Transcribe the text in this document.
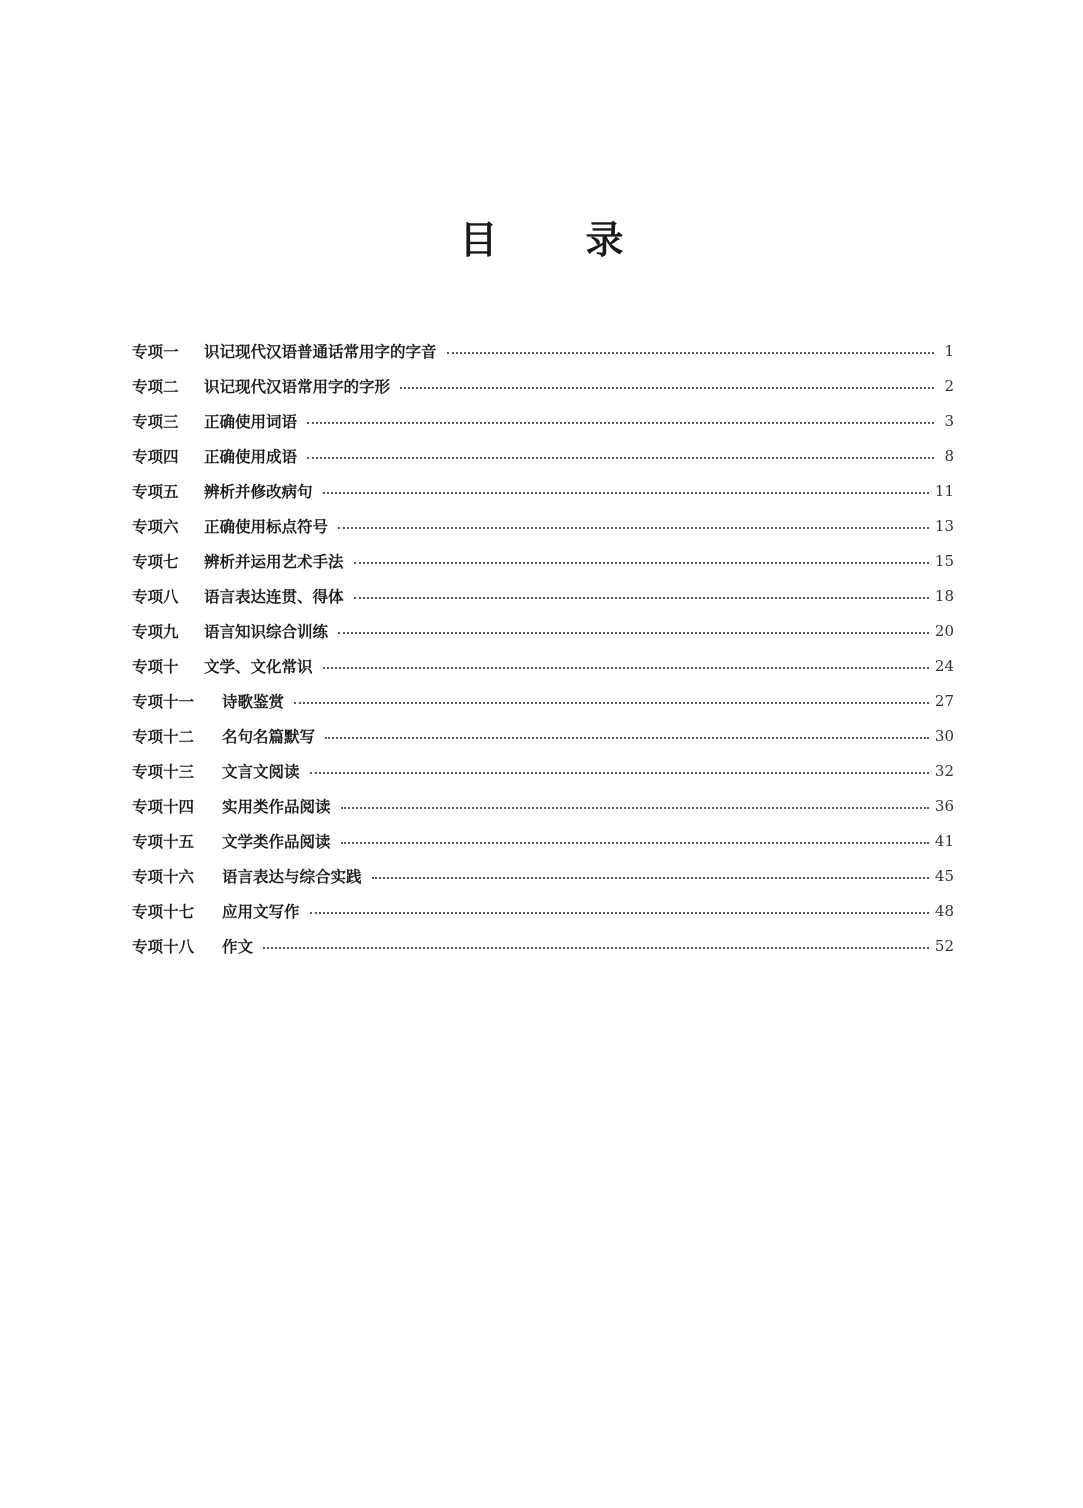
目 录
专项一	识记现代汉语普通话常用字的字音	1
专项二	识记现代汉语常用字的字形	2
专项三	正确使用词语	3
专项四	正确使用成语	8
专项五	辨析并修改病句	11
专项六	正确使用标点符号	13
专项七	辨析并运用艺术手法	15
专项八	语言表达连贯、得体	18
专项九	语言知识综合训练	20
专项十	文学、文化常识	24
专项十一	诗歌鉴赏	27
专项十二	名句名篇默写	30
专项十三	文言文阅读	32
专项十四	实用类作品阅读	36
专项十五	文学类作品阅读	41
专项十六	语言表达与综合实践	45
专项十七	应用文写作	48
专项十八	作文	52
